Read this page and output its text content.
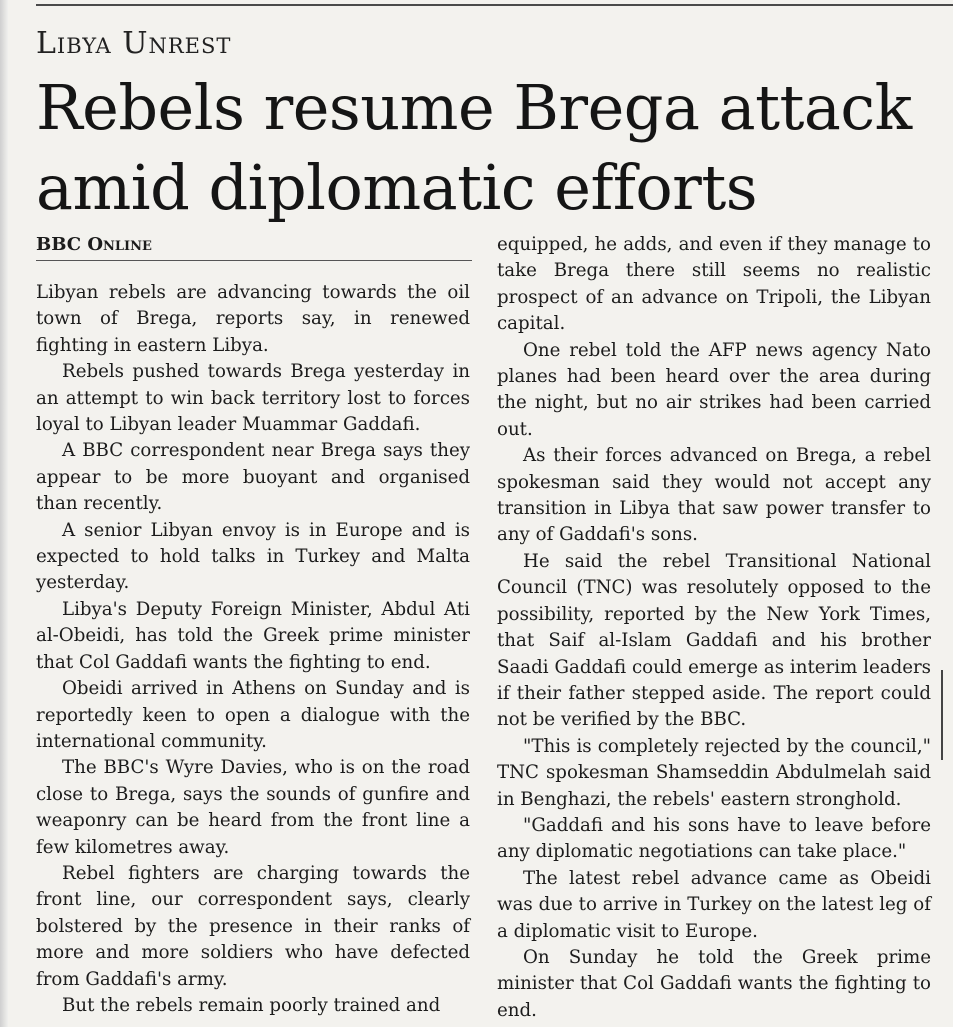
Libya Unrest
Rebels resume Brega attack amid diplomatic efforts
BBC Online

Libyan rebels are advancing towards the oil town of Brega, reports say, in renewed fighting in eastern Libya.

Rebels pushed towards Brega yesterday in an attempt to win back territory lost to forces loyal to Libyan leader Muammar Gaddafi.

A BBC correspondent near Brega says they appear to be more buoyant and organised than recently.

A senior Libyan envoy is in Europe and is expected to hold talks in Turkey and Malta yesterday.

Libya's Deputy Foreign Minister, Abdul Ati al-Obeidi, has told the Greek prime minister that Col Gaddafi wants the fighting to end.

Obeidi arrived in Athens on Sunday and is reportedly keen to open a dialogue with the international community.

The BBC's Wyre Davies, who is on the road close to Brega, says the sounds of gunfire and weaponry can be heard from the front line a few kilometres away.

Rebel fighters are charging towards the front line, our correspondent says, clearly bolstered by the presence in their ranks of more and more soldiers who have defected from Gaddafi's army.

But the rebels remain poorly trained and

equipped, he adds, and even if they manage to take Brega there still seems no realistic prospect of an advance on Tripoli, the Libyan capital.

One rebel told the AFP news agency Nato planes had been heard over the area during the night, but no air strikes had been carried out.

As their forces advanced on Brega, a rebel spokesman said they would not accept any transition in Libya that saw power transfer to any of Gaddafi's sons.

He said the rebel Transitional National Council (TNC) was resolutely opposed to the possibility, reported by the New York Times, that Saif al-Islam Gaddafi and his brother Saadi Gaddafi could emerge as interim leaders if their father stepped aside. The report could not be verified by the BBC.

"This is completely rejected by the council," TNC spokesman Shamseddin Abdulmelah said in Benghazi, the rebels' eastern stronghold.

"Gaddafi and his sons have to leave before any diplomatic negotiations can take place."

The latest rebel advance came as Obeidi was due to arrive in Turkey on the latest leg of a diplomatic visit to Europe.

On Sunday he told the Greek prime minister that Col Gaddafi wants the fighting to end.
